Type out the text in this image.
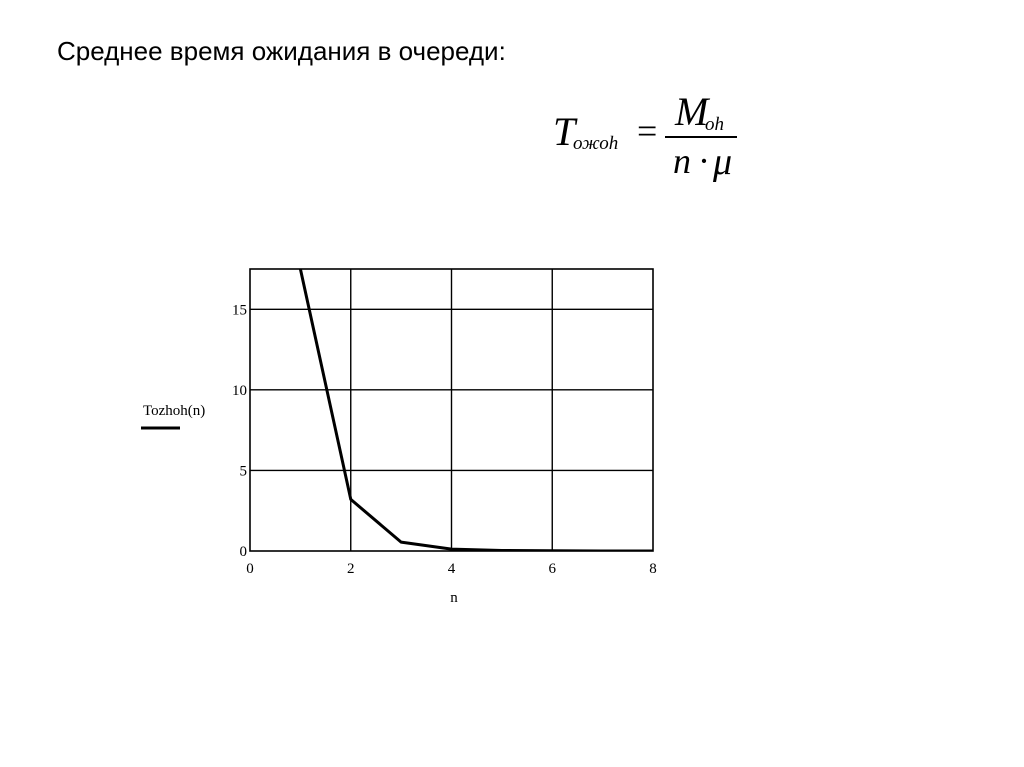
Среднее время ожидания в очереди:
T
ожоh = M
oh
n · μ
0	2	4	6	8
0
5
10
15
n
Tozhoh(n)
